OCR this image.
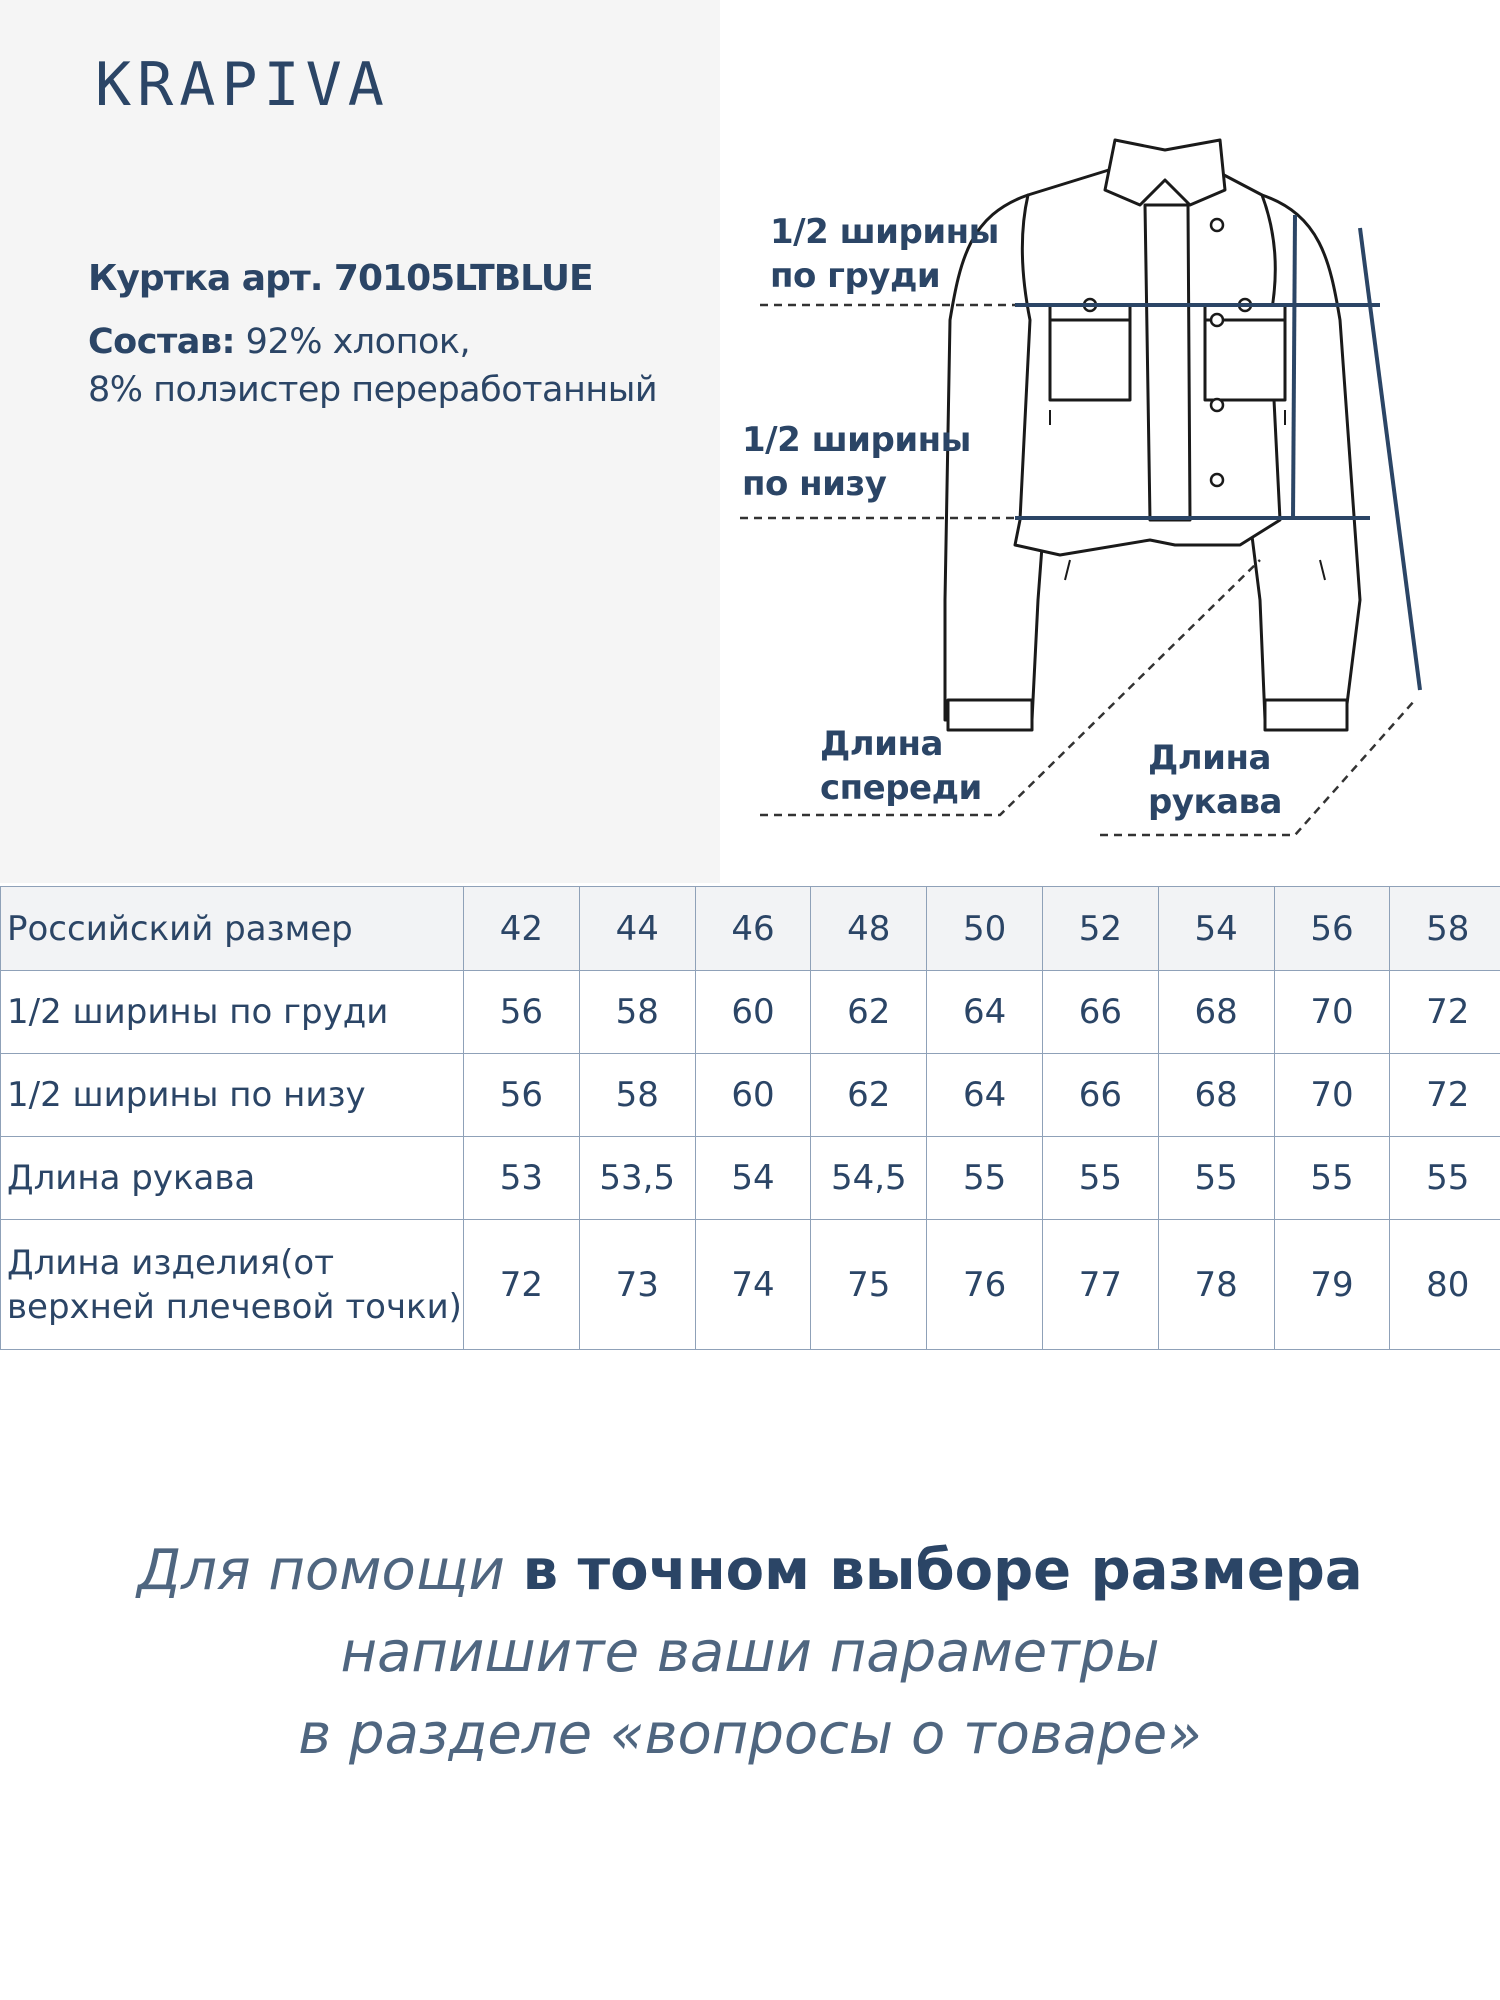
KRAPIVA
Куртка арт. 70105LTBLUE
Состав: 92% хлопок,
8% полэистер переработанный
1/2 ширины
по груди
1/2 ширины
по низу
Длина
спереди
Длина
рукава
Российский размер	42	44	46	48	50	52	54	56	58
1/2 ширины по груди	56	58	60	62	64	66	68	70	72
1/2 ширины по низу	56	58	60	62	64	66	68	70	72
Длина рукава	53	53,5	54	54,5	55	55	55	55	55

Длина изделия(от
верхней плечевой точки)	72	73	74	75	76	77	78	79	80
Для помощи в точном выборе размера
напишите ваши параметры
в разделе «вопросы о товаре»
